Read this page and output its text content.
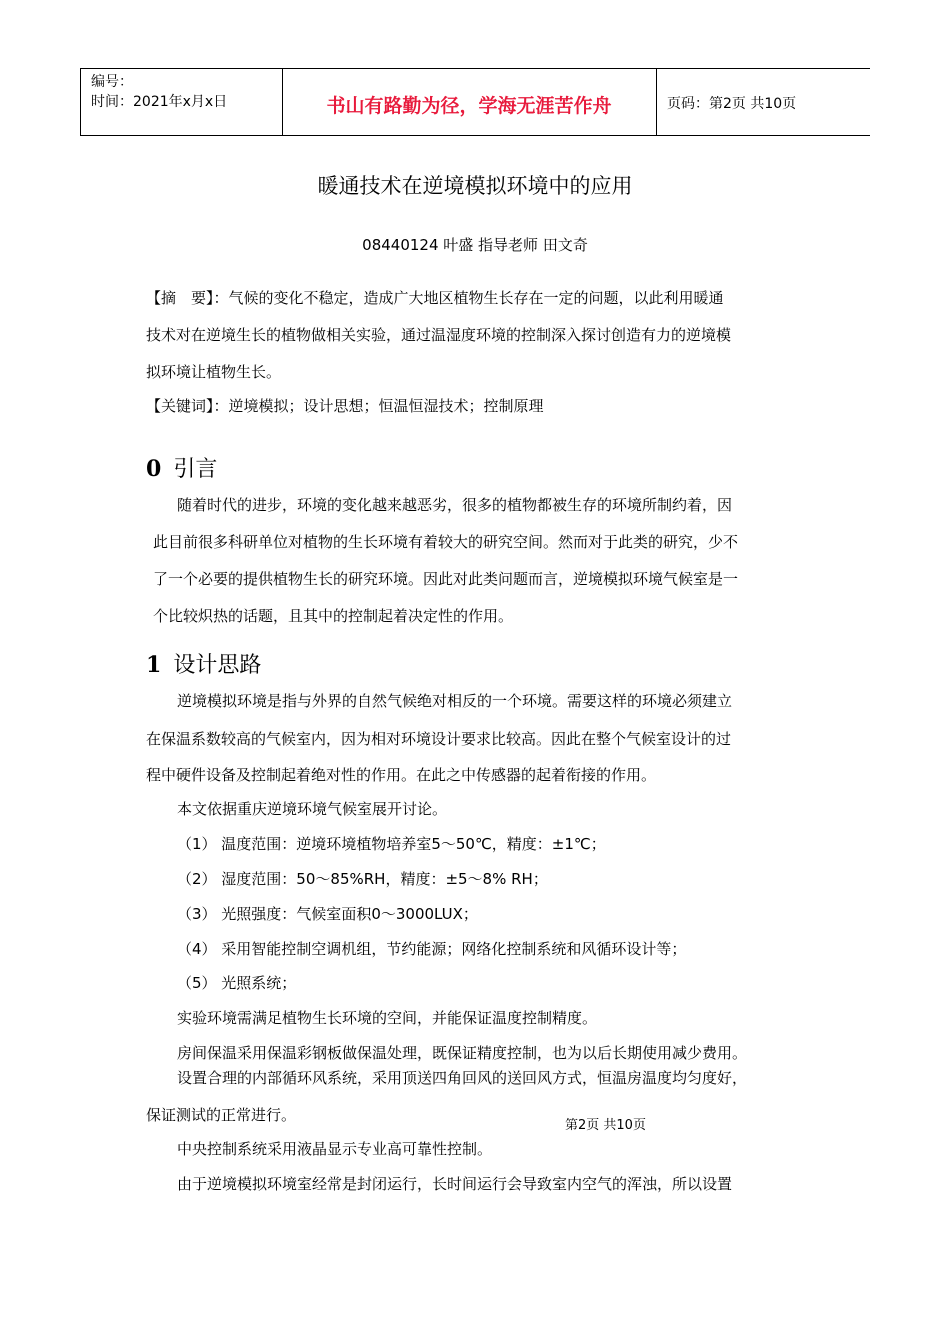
编号：
时间：2021年x月x日	书山有路勤为径，学海无涯苦作舟	页码：第2页 共10页
暖通技术在逆境模拟环境中的应用
08440124 叶盛 指导老师 田文奇
【摘　要】：气候的变化不稳定，造成广大地区植物生长存在一定的问题，以此利用暖通
技术对在逆境生长的植物做相关实验，通过温湿度环境的控制深入探讨创造有力的逆境模
拟环境让植物生长。
【关键词】：逆境模拟；设计思想；恒温恒湿技术；控制原理
0 引言
随着时代的进步，环境的变化越来越恶劣，很多的植物都被生存的环境所制约着，因
此目前很多科研单位对植物的生长环境有着较大的研究空间。然而对于此类的研究，少不
了一个必要的提供植物生长的研究环境。因此对此类问题而言，逆境模拟环境气候室是一
个比较炽热的话题，且其中的控制起着决定性的作用。
1 设计思路
逆境模拟环境是指与外界的自然气候绝对相反的一个环境。需要这样的环境必须建立
在保温系数较高的气候室内，因为相对环境设计要求比较高。因此在整个气候室设计的过
程中硬件设备及控制起着绝对性的作用。在此之中传感器的起着衔接的作用。
本文依据重庆逆境环境气候室展开讨论。
（1） 温度范围：逆境环境植物培养室5～50℃，精度：±1℃；
（2） 湿度范围：50～85%RH，精度：±5～8% RH；
（3） 光照强度：气候室面积0～3000LUX；
（4） 采用智能控制空调机组，节约能源；网络化控制系统和风循环设计等；
（5） 光照系统；
实验环境需满足植物生长环境的空间，并能保证温度控制精度。
房间保温采用保温彩钢板做保温处理，既保证精度控制，也为以后长期使用减少费用。
设置合理的内部循环风系统，采用顶送四角回风的送回风方式，恒温房温度均匀度好，
保证测试的正常进行。
第2页 共10页
中央控制系统采用液晶显示专业高可靠性控制。
由于逆境模拟环境室经常是封闭运行，长时间运行会导致室内空气的浑浊，所以设置
